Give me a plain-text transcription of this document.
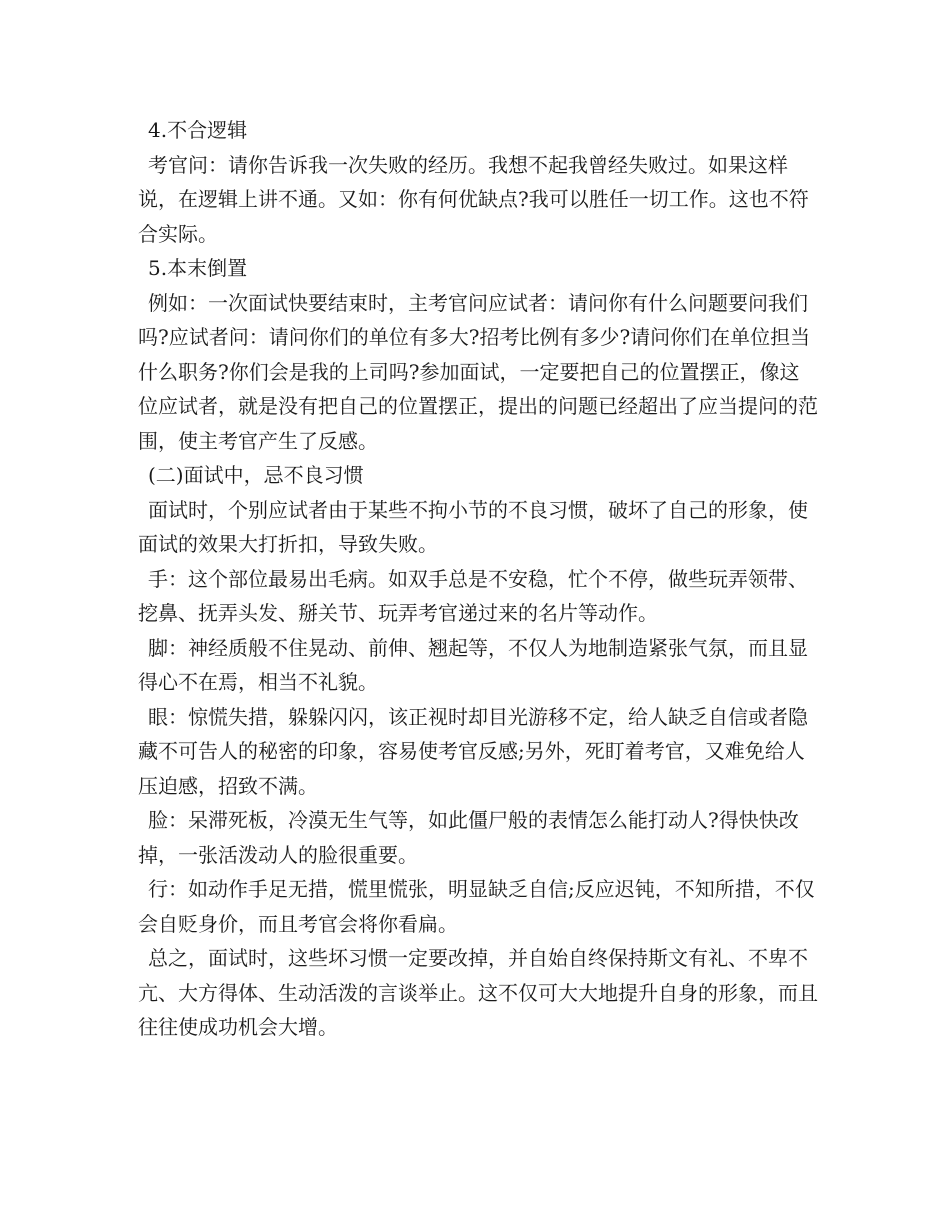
4.不合逻辑

考官问：请你告诉我一次失败的经历。我想不起我曾经失败过。如果这样说，在逻辑上讲不通。又如：你有何优缺点?我可以胜任一切工作。这也不符合实际。

5.本末倒置

例如：一次面试快要结束时，主考官问应试者：请问你有什么问题要问我们吗?应试者问：请问你们的单位有多大?招考比例有多少?请问你们在单位担当什么职务?你们会是我的上司吗?参加面试，一定要把自己的位置摆正，像这位应试者，就是没有把自己的位置摆正，提出的问题已经超出了应当提问的范围，使主考官产生了反感。

(二)面试中，忌不良习惯

面试时，个别应试者由于某些不拘小节的不良习惯，破坏了自己的形象，使面试的效果大打折扣，导致失败。

手：这个部位最易出毛病。如双手总是不安稳，忙个不停，做些玩弄领带、挖鼻、抚弄头发、掰关节、玩弄考官递过来的名片等动作。

脚：神经质般不住晃动、前伸、翘起等，不仅人为地制造紧张气氛，而且显得心不在焉，相当不礼貌。

眼：惊慌失措，躲躲闪闪，该正视时却目光游移不定，给人缺乏自信或者隐藏不可告人的秘密的印象，容易使考官反感;另外，死盯着考官，又难免给人压迫感，招致不满。

脸：呆滞死板，冷漠无生气等，如此僵尸般的表情怎么能打动人?得快快改掉，一张活泼动人的脸很重要。

行：如动作手足无措，慌里慌张，明显缺乏自信;反应迟钝，不知所措，不仅会自贬身价，而且考官会将你看扁。

总之，面试时，这些坏习惯一定要改掉，并自始自终保持斯文有礼、不卑不亢、大方得体、生动活泼的言谈举止。这不仅可大大地提升自身的形象，而且往往使成功机会大增。
